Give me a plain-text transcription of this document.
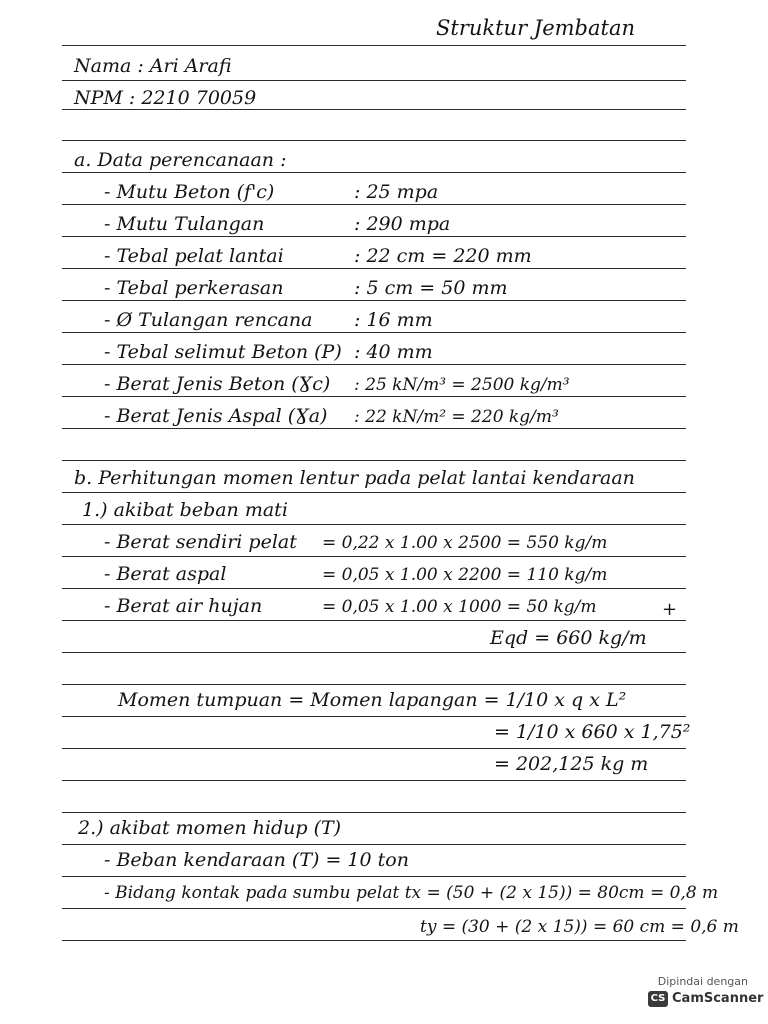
Struktur Jembatan
Nama : Ari Arafi
NPM : 2210 70059
a. Data perencanaan :
- Mutu Beton (f'c)	: 25 mpa
- Mutu Tulangan	: 290 mpa
- Tebal pelat lantai	: 22 cm = 220 mm
- Tebal perkerasan	: 5 cm = 50 mm
- Ø Tulangan rencana : 16 mm
- Tebal selimut Beton (P) : 40 mm
- Berat Jenis Beton (Ɣc) : 25 kN/m³ = 2500 kg/m³
- Berat Jenis Aspal (Ɣa) : 22 kN/m² = 220 kg/m³
b. Perhitungan momen lentur pada pelat lantai kendaraan
1.) akibat beban mati
- Berat sendiri pelat = 0,22 x 1.00 x 2500 = 550 kg/m
- Berat aspal	= 0,05 x 1.00 x 2200 = 110 kg/m
- Berat air hujan	= 0,05 x 1.00 x 1000 = 50 kg/m	+
Eqd = 660 kg/m
Momen tumpuan = Momen lapangan = 1/10 x q x L²
= 1/10 x 660 x 1,75²
= 202,125 kg m
2.) akibat momen hidup (T)
- Beban kendaraan (T) = 10 ton
- Bidang kontak pada sumbu pelat tx = (50 + (2 x 15)) = 80cm = 0,8 m
ty = (30 + (2 x 15)) = 60 cm = 0,6 m
Dipindai dengan
CS CamScanner
